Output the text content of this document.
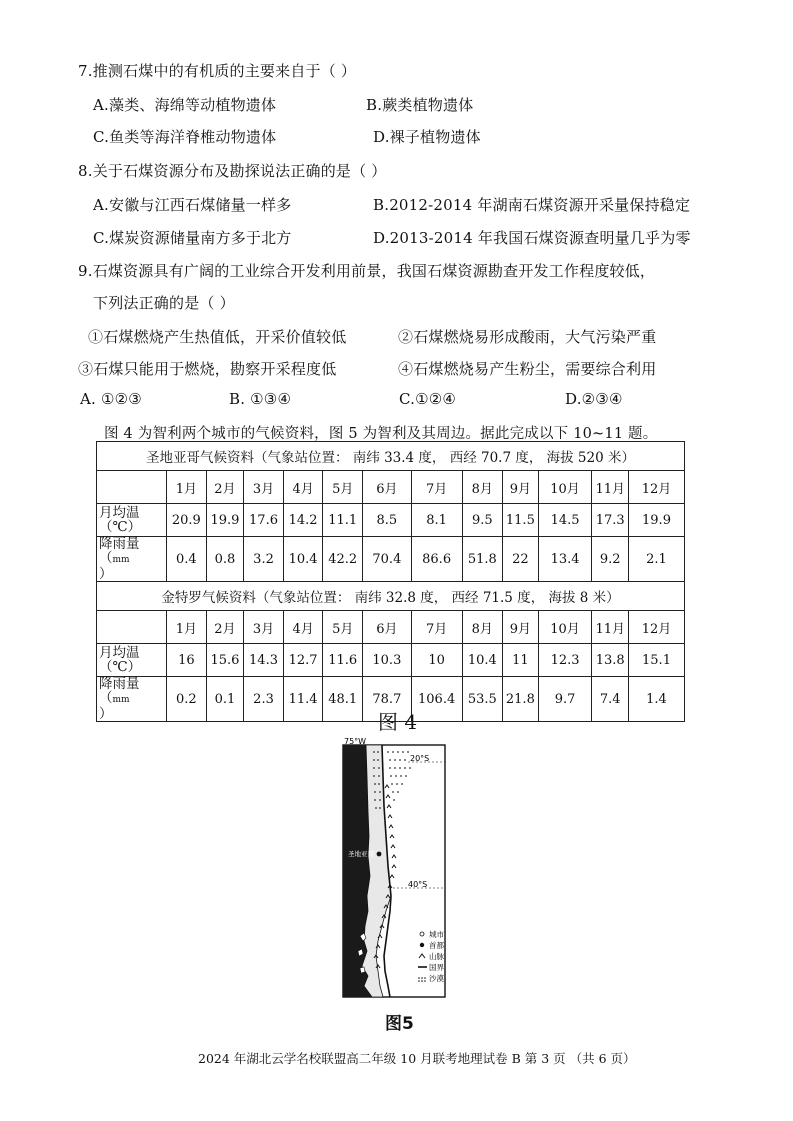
7.推测石煤中的有机质的主要来自于（ ）
A.藻类、海绵等动植物遗体	B.蕨类植物遗体
C.鱼类等海洋脊椎动物遗体	D.裸子植物遗体
8.关于石煤资源分布及勘探说法正确的是（ ）
A.安徽与江西石煤储量一样多	B.2012-2014 年湖南石煤资源开采量保持稳定
C.煤炭资源储量南方多于北方	D.2013-2014 年我国石煤资源查明量几乎为零
9.石煤资源具有广阔的工业综合开发利用前景，我国石煤资源勘查开发工作程度较低，
下列法正确的是（ ）
①石煤燃烧产生热值低，开采价值较低	②石煤燃烧易形成酸雨，大气污染严重
③石煤只能用于燃烧，勘察开采程度低	④石煤燃烧易产生粉尘，需要综合利用
A. ①②③	B. ①③④	C.①②④	D.②③④
图 4 为智利两个城市的气候资料，图 5 为智利及其周边。据此完成以下 10~11 题。
圣地亚哥气候资料（气象站位置： 南纬 33.4 度， 西经 70.7 度， 海拔 520 米）												
	1月	2月	3月	4月	5月	6月	7月	8月	9月	10月	11月	12月
月均温（℃）	20.9	19.9	17.6	14.2	11.1	8.5	8.1	9.5	11.5	14.5	17.3	19.9
降雨量（mm
）	0.4	0.8	3.2	10.4	42.2	70.4	86.6	51.8	22	13.4	9.2	2.1
金特罗气候资料（气象站位置： 南纬 32.8 度， 西经 71.5 度， 海拔 8 米）												
	1月	2月	3月	4月	5月	6月	7月	8月	9月	10月	11月	12月
月均温（℃）	16	15.6	14.3	12.7	11.6	10.3	10	10.4	11	12.3	13.8	15.1
降雨量（mm
）	0.2	0.1	2.3	11.4	48.1	78.7	106.4	53.5	21.8	9.7	7.4	1.4
图 4
75°W
20°S
40°S
圣地亚哥
城市
首都
山脉
国界
沙漠
图5
2024 年湖北云学名校联盟高二年级 10 月联考地理试卷 B 第 3 页 （共 6 页）
